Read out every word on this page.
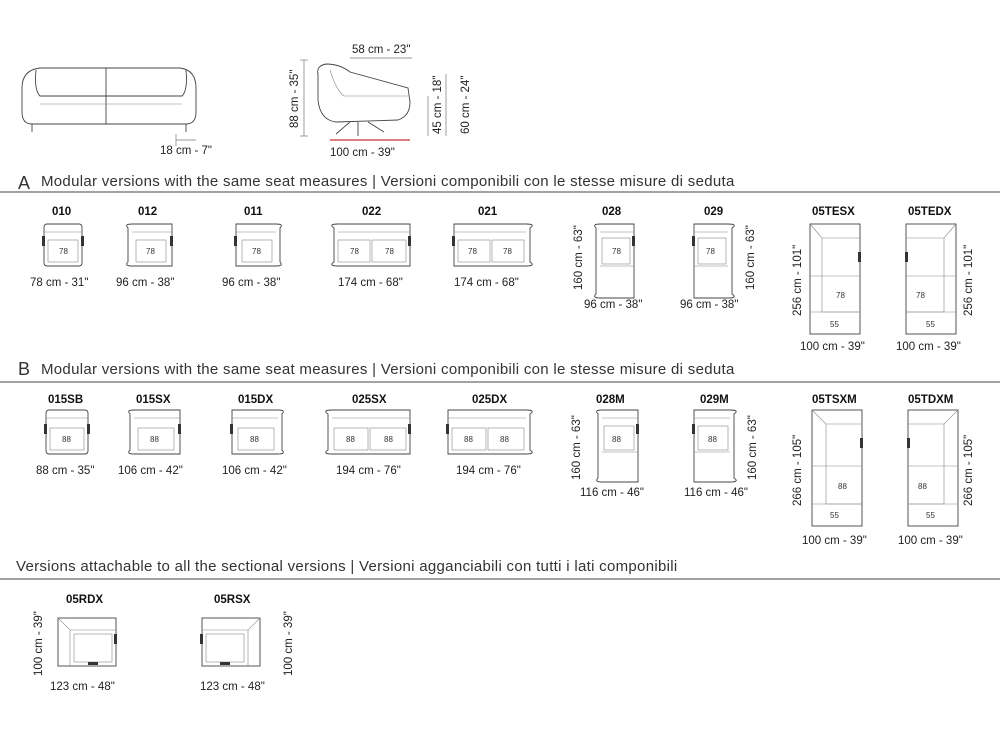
18 cm - 7"
58 cm - 23"
88 cm - 35"	45 cm - 18" 60 cm - 24"
100 cm - 39"
A Modular versions with the same seat measures | Versioni componibili con le stesse misure di seduta
010
78
78 cm - 31"
012
78
96 cm - 38"
011
78
96 cm - 38"
022
78	78
174 cm - 68"
021
78	78
174 cm - 68"
028
78
160 cm - 63"
96 cm - 38"
029
78	160 cm - 63"
96 cm - 38"
05TESX
78
55
256 cm - 101"
100 cm - 39"
05TEDX
78
55
256 cm - 101"
100 cm - 39"
B Modular versions with the same seat measures | Versioni componibili con le stesse misure di seduta
015SB
88
88 cm - 35"
015SX
88
106 cm - 42"
015DX
88
106 cm - 42"
025SX
88	88
194 cm - 76"
025DX
88	88
194 cm - 76"
028M
88
160 cm - 63"
116 cm - 46"
029M
88	160 cm - 63"
116 cm - 46"
05TSXM
88
55
266 cm - 105"
100 cm - 39"
05TDXM
88
55
266 cm - 105"
100 cm - 39"
Versions attachable to all the sectional versions | Versioni agganciabili con tutti i lati componibili
05RDX
100 cm - 39"
123 cm - 48"
05RSX
100 cm - 39"
123 cm - 48"
